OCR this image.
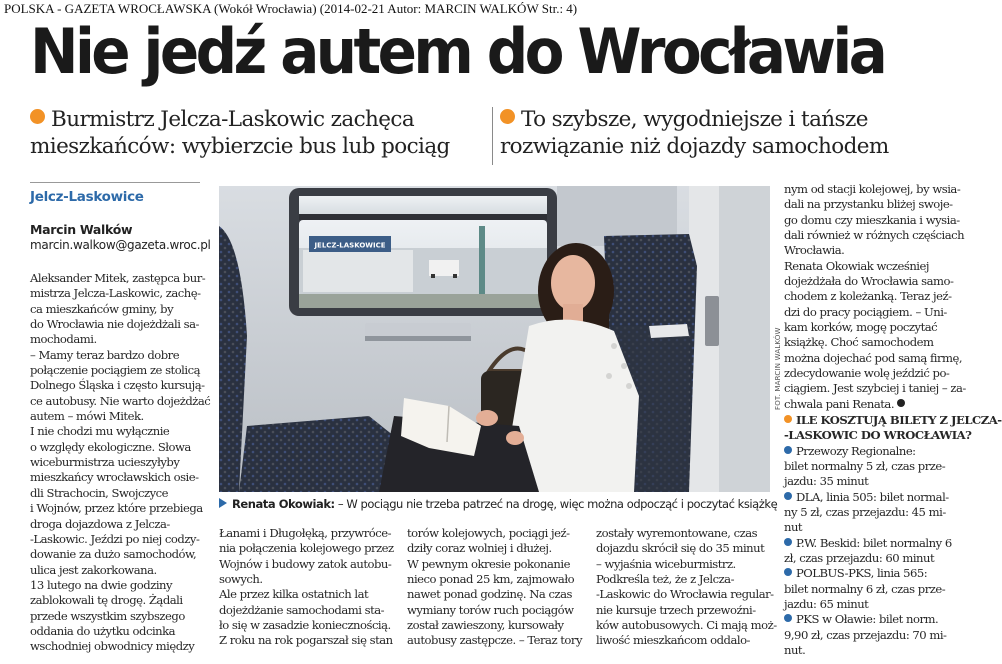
POLSKA - GAZETA WROCŁAWSKA (Wokół Wrocławia) (2014-02-21 Autor: MARCIN WALKÓW Str.: 4)
Nie jedź autem do Wrocławia
Burmistrz Jelcza-Laskowic zachęca
mieszkańców: wybierzcie bus lub pociąg
To szybsze, wygodniejsze i tańsze
rozwiązanie niż dojazdy samochodem
Jelcz-Laskowice
Marcin Walków
marcin.walkow@gazeta.wroc.pl
Aleksander Mitek, zastępca bur-
mistrza Jelcza-Laskowic, zachę-
ca mieszkańców gminy, by
do Wrocławia nie dojeżdżali sa-
mochodami.
– Mamy teraz bardzo dobre
połączenie pociągiem ze stolicą
Dolnego Śląska i często kursują-
ce autobusy. Nie warto dojeżdżać
autem – mówi Mitek.
I nie chodzi mu wyłącznie
o względy ekologiczne. Słowa
wiceburmistrza ucieszyłyby
mieszkańcy wrocławskich osie-
dli Strachocin, Swojczyce
i Wojnów, przez które przebiega
droga dojazdowa z Jelcza-
-Laskowic. Jeździ po niej codzy-
dowanie za dużo samochodów,
ulica jest zakorkowana.
13 lutego na dwie godziny
zablokowali tę drogę. Żądali
przede wszystkim szybszego
oddania do użytku odcinka
wschodniej obwodnicy między
Łanami i Długołęką, przywróce-
nia połączenia kolejowego przez
Wojnów i budowy zatok autobu-
sowych.
Ale przez kilka ostatnich lat
dojeżdżanie samochodami sta-
ło się w zasadzie koniecznością.
Z roku na rok pogarszał się stan
torów kolejowych, pociągi jeź-
dziły coraz wolniej i dłużej.
W pewnym okresie pokonanie
nieco ponad 25 km, zajmowało
nawet ponad godzinę. Na czas
wymiany torów ruch pociągów
został zawieszony, kursowały
autobusy zastępcze. – Teraz tory
zostały wyremontowane, czas
dojazdu skrócił się do 35 minut
– wyjaśnia wiceburmistrz.
Podkreśla też, że z Jelcza-
-Laskowic do Wrocławia regular-
nie kursuje trzech przewoźni-
ków autobusowych. Ci mają moż-
liwość mieszkańcom oddalo-
nym od stacji kolejowej, by wsia-
dali na przystanku bliżej swoje-
go domu czy mieszkania i wysia-
dali również w różnych częściach
Wrocławia.
Renata Okowiak wcześniej
dojeżdżała do Wrocławia samo-
chodem z koleżanką. Teraz jeź-
dzi do pracy pociągiem. – Uni-
kam korków, mogę poczytać
książkę. Choć samochodem
można dojechać pod samą firmę,
zdecydowanie wolę jeździć po-
ciągiem. Jest szybciej i taniej – za-
chwala pani Renata.
ILE KOSZTUJĄ BILETY Z JELCZA-
-LASKOWIC DO WROCŁAWIA?
Przewozy Regionalne:
bilet normalny 5 zł, czas prze-
jazdu: 35 minut
DLA, linia 505: bilet normal-
ny 5 zł, czas przejazdu: 45 mi-
nut
P.W. Beskid: bilet normalny 6
zł, czas przejazdu: 60 minut
POLBUS-PKS, linia 565:
bilet normalny 6 zł, czas prze-
jazdu: 65 minut
PKS w Oławie: bilet norm.
9,90 zł, czas przejazdu: 70 mi-
nut.
JELCZ-LASKOWICE
FOT. MARCIN WALKÓW
Renata Okowiak: – W pociągu nie trzeba patrzeć na drogę, więc można odpocząć i poczytać książkę
